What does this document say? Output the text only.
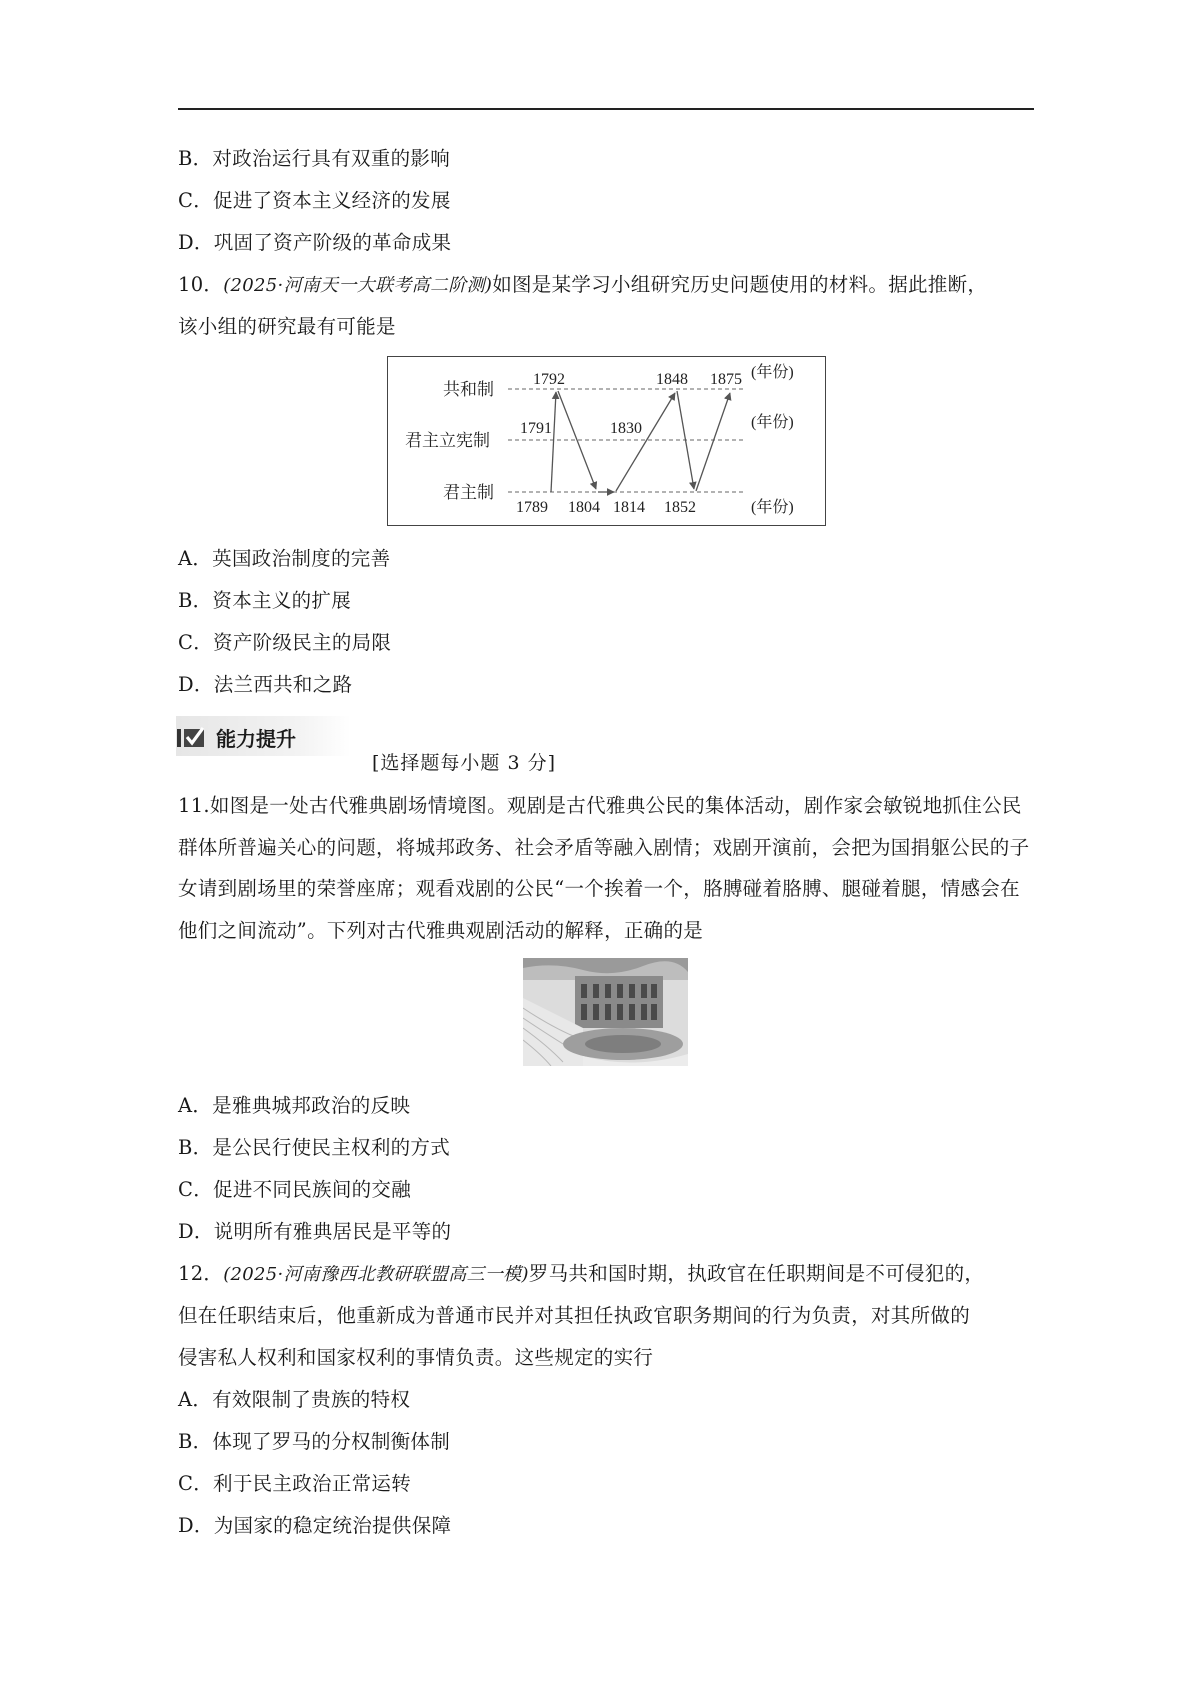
B．对政治运行具有双重的影响
C．促进了资本主义经济的发展
D．巩固了资产阶级的革命成果
10．(2025·河南天一大联考高二阶测)如图是某学习小组研究历史问题使用的材料。据此推断，
该小组的研究最有可能是
共和制
君主立宪制
君主制
(年份)
(年份)
(年份)
1792	1848 1875
1791	1830
1789 1804 1814 1852
A．英国政治制度的完善
B．资本主义的扩展
C．资产阶级民主的局限
D．法兰西共和之路
能力提升
[选择题每小题 3 分]
11.如图是一处古代雅典剧场情境图。观剧是古代雅典公民的集体活动，剧作家会敏锐地抓住公民群体所普遍关心的问题，将城邦政务、社会矛盾等融入剧情；戏剧开演前，会把为国捐躯公民的子女请到剧场里的荣誉座席；观看戏剧的公民“一个挨着一个，胳膊碰着胳膊、腿碰着腿，情感会在他们之间流动”。下列对古代雅典观剧活动的解释，正确的是
A．是雅典城邦政治的反映
B．是公民行使民主权利的方式
C．促进不同民族间的交融
D．说明所有雅典居民是平等的
12．(2025·河南豫西北教研联盟高三一模)罗马共和国时期，执政官在任职期间是不可侵犯的，
但在任职结束后，他重新成为普通市民并对其担任执政官职务期间的行为负责，对其所做的
侵害私人权利和国家权利的事情负责。这些规定的实行
A．有效限制了贵族的特权
B．体现了罗马的分权制衡体制
C．利于民主政治正常运转
D．为国家的稳定统治提供保障
